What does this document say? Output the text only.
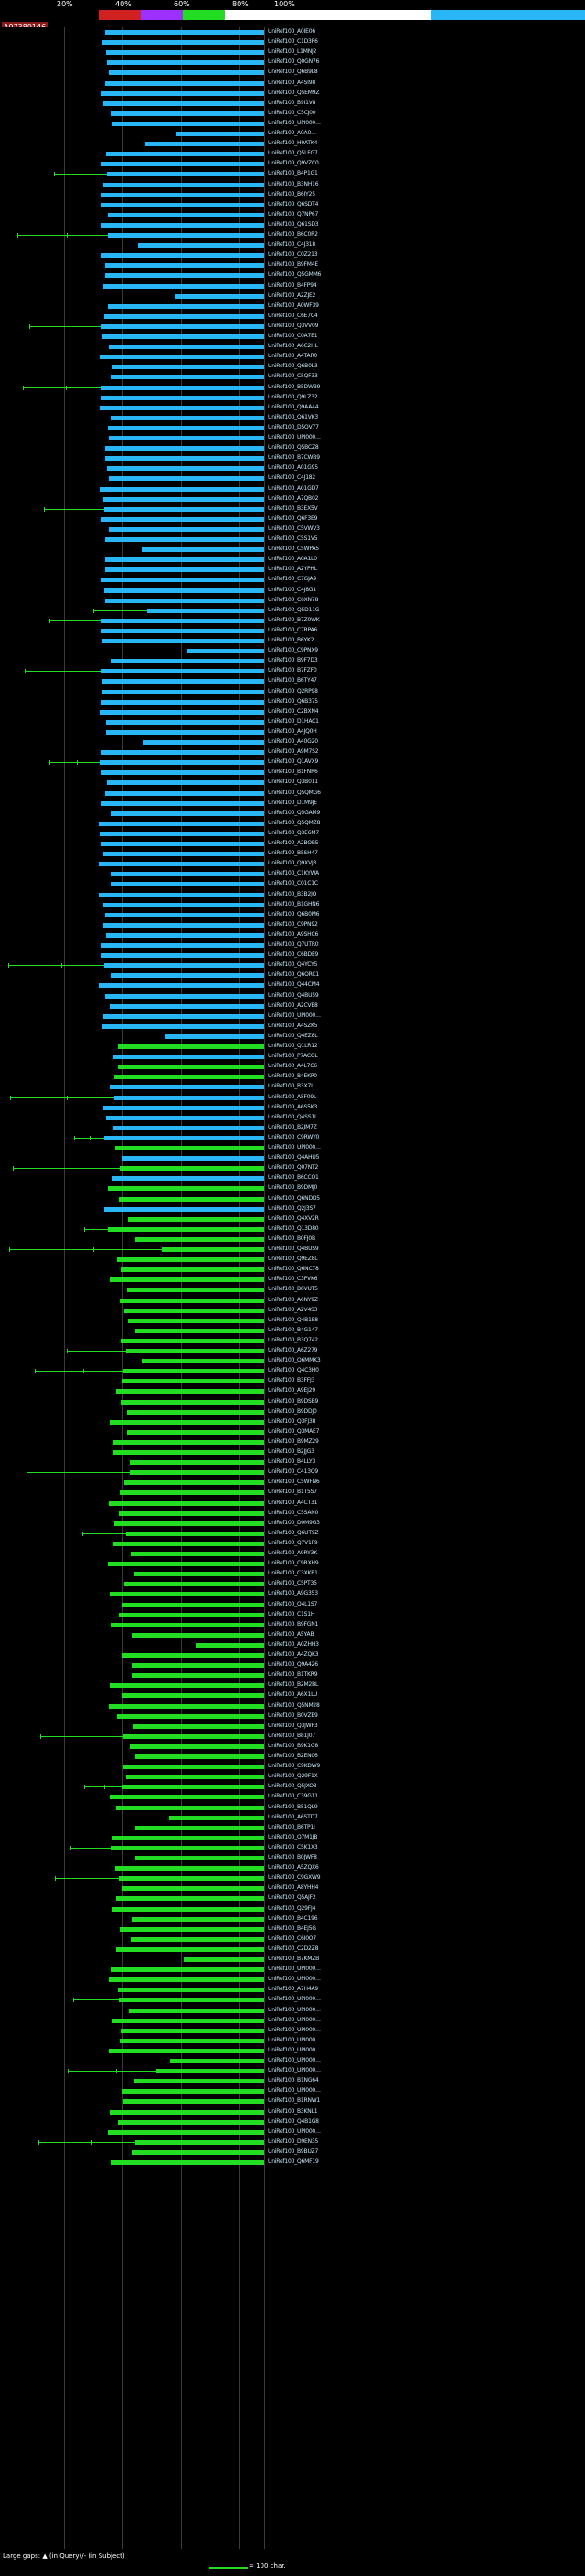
20%	40%	60%	80%	100%
UniRef100_A0IE06
UniRef100_C1D3P6
UniRef100_L1MNJ2
UniRef100_Q0GN76
UniRef100_Q6B9L8
UniRef100_A4SI98
UniRef100_Q5EM9Z
UniRef100_B9I1V8
UniRef100_C5CJ00
UniRef100_UPI000…
UniRef100_A0A0…
UniRef100_H9ATK4
UniRef100_Q5LFG7
UniRef100_Q9VZC0
UniRef100_B4P1G1
UniRef100_B3NH16
UniRef100_B6IY25
UniRef100_Q6SDT4
UniRef100_Q7NP67
UniRef100_Q61SD3
UniRef100_B6C0R2
UniRef100_C4J318
UniRef100_C0Z213
UniRef100_B9FM4E
UniRef100_Q5GMM6
UniRef100_B4FP94
UniRef100_A2ZJE2
UniRef100_A0WF39
UniRef100_C6E7C4
UniRef100_Q3VV09
UniRef100_C0A7E1
UniRef100_A6C2HL
UniRef100_A4TAR0
UniRef100_Q6B0L3
UniRef100_C5QF33
UniRef100_B5DWB9
UniRef100_Q9LZ32
UniRef100_Q9AA44
UniRef100_Q61VK3
UniRef100_D5QV77
UniRef100_UPI000…
UniRef100_Q5BCZ8
UniRef100_B7CWB9
UniRef100_A01G95
UniRef100_C4J182
UniRef100_A01GD7
UniRef100_A7QB02
UniRef100_B3EX5V
UniRef100_Q6F3E9
UniRef100_C5VWV3
UniRef100_C5S1V5
UniRef100_C5WPA5
UniRef100_A0A1L0
UniRef100_A2YPHL
UniRef100_C7GJA9
UniRef100_C4J8G1
UniRef100_C6XN78
UniRef100_Q5D11G
UniRef100_B7Z0WK
UniRef100_C7RPA6
UniRef100_B6YK2
UniRef100_C9PNX9
UniRef100_B9F7D3
UniRef100_B7FZF0
UniRef100_B6TY47
UniRef100_Q2RP98
UniRef100_Q6B375
UniRef100_C2BXN4
UniRef100_D1HAC1
UniRef100_A4JQ0H
UniRef100_A40G20
UniRef100_A9M7S2
UniRef100_Q1AVX9
UniRef100_B1FNR6
UniRef100_Q3B011
UniRef100_Q5QMG6
UniRef100_D1M9JE
UniRef100_Q5GAM9
UniRef100_Q5QMZ8
UniRef100_Q3E6M7
UniRef100_A2BOB5
UniRef100_B5SH47
UniRef100_Q9XVJ3
UniRef100_C1KYWA
UniRef100_C01C1C
UniRef100_B3B2JQ
UniRef100_B1GHN6
UniRef100_Q6B0M6
UniRef100_C9PN92
UniRef100_A9SHC6
UniRef100_Q7UTR0
UniRef100_C6BDE9
UniRef100_Q4YCY5
UniRef100_Q6ORC1
UniRef100_Q44CM4
UniRef100_Q4BU59
UniRef100_A2CVE8
UniRef100_UPI000…
UniRef100_A4SZK5
UniRef100_Q4EZ8L
UniRef100_Q1LR12
UniRef100_P7ACOL
UniRef100_A4L7C6
UniRef100_B4EKP0
UniRef100_B3X7L
UniRef100_A5F09L
UniRef100_A6S5K3
UniRef100_Q4SS1L
UniRef100_B2JM7Z
UniRef100_C9RWY0
UniRef100_UPI000…
UniRef100_Q4AHU5
UniRef100_Q07NT2
UniRef100_B6CCO1
UniRef100_B9DMJ0
UniRef100_Q6NDD5
UniRef100_Q2J3S7
UniRef100_Q4XV2R
UniRef100_Q13D80
UniRef100_B0FJ0B
UniRef100_Q4BUS9
UniRef100_Q9EZ8L
UniRef100_Q6NC78
UniRef100_C3PVK6
UniRef100_B6VUT5
UniRef100_A6NY9Z
UniRef100_A2V4S3
UniRef100_Q4B1E8
UniRef100_B4G147
UniRef100_B3Q742
UniRef100_A6Z279
UniRef100_Q6MMK3
UniRef100_Q4C3H0
UniRef100_B3FFJ3
UniRef100_A9EJ29
UniRef100_B9DSB9
UniRef100_B9DDJ0
UniRef100_Q3FJ38
UniRef100_Q3MAE7
UniRef100_B9MZ29
UniRef100_B2JJG3
UniRef100_B4LLY3
UniRef100_C413Q9
UniRef100_C5WFN6
UniRef100_B1T5S7
UniRef100_A4CT31
UniRef100_C5SAN0
UniRef100_D0M9G3
UniRef100_Q6UT9Z
UniRef100_Q7V1F9
UniRef100_A9RY3K
UniRef100_C9RXH9
UniRef100_C3XKB1
UniRef100_C5PT35
UniRef100_A9G353
UniRef100_Q4L1S7
UniRef100_C1S1H
UniRef100_B9FGN1
UniRef100_A5YAB
UniRef100_A0ZHH3
UniRef100_A4ZQK3
UniRef100_Q9A426
UniRef100_B1TKR9
UniRef100_B2M2BL
UniRef100_A6X1LU
UniRef100_Q5NM28
UniRef100_B0VZE9
UniRef100_Q3JWP3
UniRef100_B81J07
UniRef100_B9K1G8
UniRef100_B2EN06
UniRef100_C9KDW9
UniRef100_Q29F1X
UniRef100_Q5JXO3
UniRef100_C39G11
UniRef100_B51QL9
UniRef100_A6STD7
UniRef100_B6TP1J
UniRef100_Q7M1JB
UniRef100_C5K1X3
UniRef100_B0JWF8
UniRef100_A5ZQX6
UniRef100_C9GXW9
UniRef100_A8YHH4
UniRef100_Q5AJF2
UniRef100_Q29FJ4
UniRef100_B4C196
UniRef100_B4EJ5G
UniRef100_C6I0O7
UniRef100_C2D2Z8
UniRef100_B7KMZB
UniRef100_UPI000…
UniRef100_UPI000…
UniRef100_A7H4A9
UniRef100_UPI000…
UniRef100_UPI000…
UniRef100_UPI000…
UniRef100_UPI000…
UniRef100_UPI000…
UniRef100_UPI000…
UniRef100_UPI000…
UniRef100_UPI000…
UniRef100_B1NG64
UniRef100_UPI000…
UniRef100_B1RNW1
UniRef100_B3KNL1
UniRef100_Q4B1G8
UniRef100_UPI000…
UniRef100_D9EN35
UniRef100_B9BUZ7
UniRef100_Q6MF19
Large gaps: ▲ (in Query)/- (in Subject)
= 100 char.
